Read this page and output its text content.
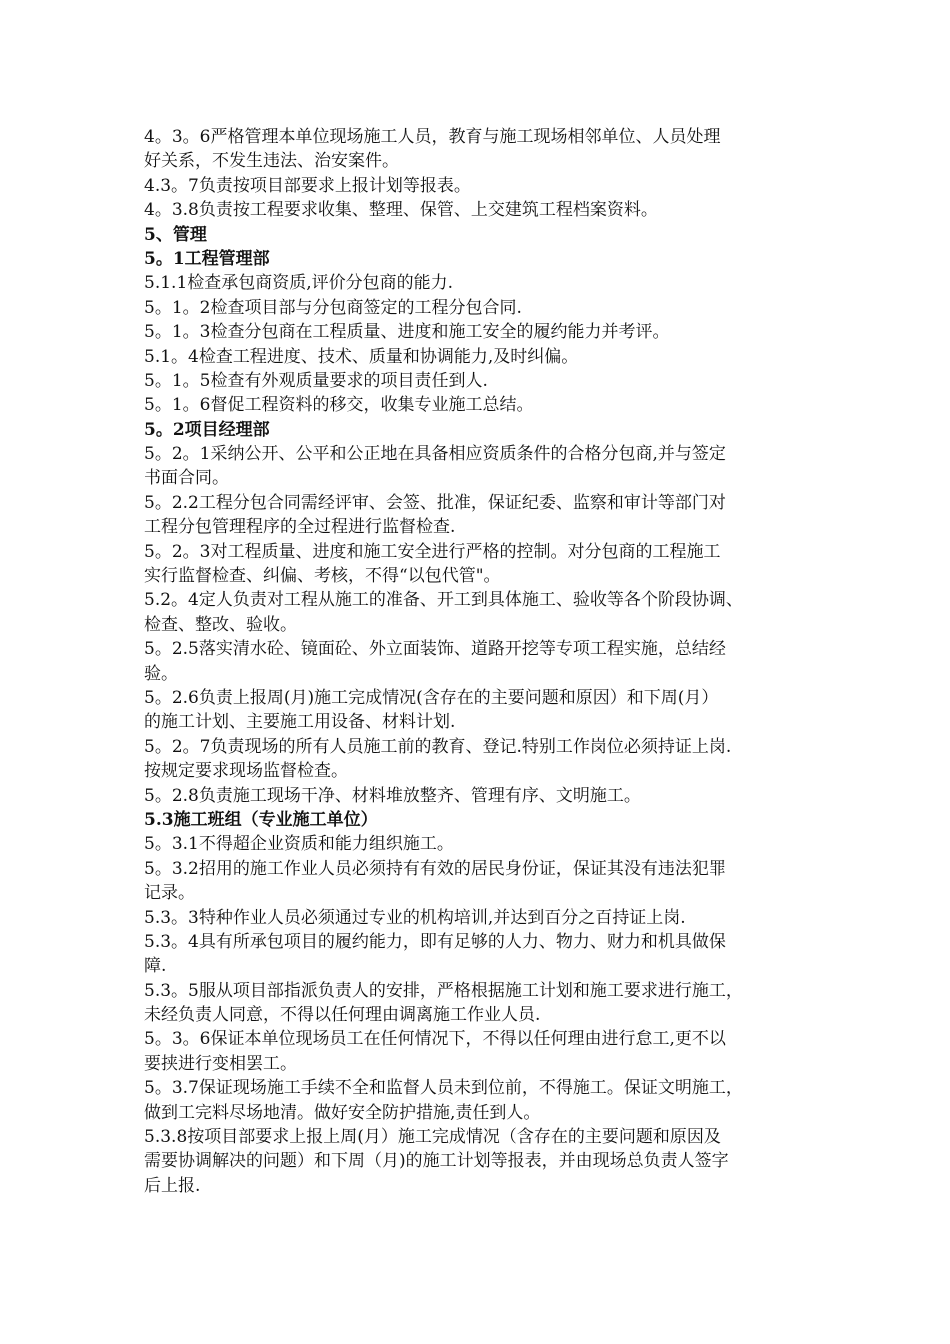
4。3。6严格管理本单位现场施工人员，教育与施工现场相邻单位、人员处理
好关系，不发生违法、治安案件。
4.3。7负责按项目部要求上报计划等报表。
4。3.8负责按工程要求收集、整理、保管、上交建筑工程档案资料。
5、管理
5。1工程管理部
5.1.1检查承包商资质,评价分包商的能力.
5。1。2检查项目部与分包商签定的工程分包合同.
5。1。3检查分包商在工程质量、进度和施工安全的履约能力并考评。
5.1。4检查工程进度、技术、质量和协调能力,及时纠偏。
5。1。5检查有外观质量要求的项目责任到人.
5。1。6督促工程资料的移交，收集专业施工总结。
5。2项目经理部
5。2。1采纳公开、公平和公正地在具备相应资质条件的合格分包商,并与签定
书面合同。
5。2.2工程分包合同需经评审、会签、批准，保证纪委、监察和审计等部门对
工程分包管理程序的全过程进行监督检查.
5。2。3对工程质量、进度和施工安全进行严格的控制。对分包商的工程施工
实行监督检查、纠偏、考核，不得“以包代管"。
5.2。4定人负责对工程从施工的准备、开工到具体施工、验收等各个阶段协调、
检查、整改、验收。
5。2.5落实清水砼、镜面砼、外立面装饰、道路开挖等专项工程实施，总结经
验。
5。2.6负责上报周(月)施工完成情况(含存在的主要问题和原因）和下周(月）
的施工计划、主要施工用设备、材料计划.
5。2。7负责现场的所有人员施工前的教育、登记.特别工作岗位必须持证上岗.
按规定要求现场监督检查。
5。2.8负责施工现场干净、材料堆放整齐、管理有序、文明施工。
5.3施工班组（专业施工单位）
5。3.1不得超企业资质和能力组织施工。
5。3.2招用的施工作业人员必须持有有效的居民身份证，保证其没有违法犯罪
记录。
5.3。3特种作业人员必须通过专业的机构培训,并达到百分之百持证上岗.
5.3。4具有所承包项目的履约能力，即有足够的人力、物力、财力和机具做保
障.
5.3。5服从项目部指派负责人的安排，严格根据施工计划和施工要求进行施工，
未经负责人同意，不得以任何理由调离施工作业人员.
5。3。6保证本单位现场员工在任何情况下，不得以任何理由进行怠工,更不以
要挟进行变相罢工。
5。3.7保证现场施工手续不全和监督人员未到位前，不得施工。保证文明施工，
做到工完料尽场地清。做好安全防护措施,责任到人。
5.3.8按项目部要求上报上周(月）施工完成情况（含存在的主要问题和原因及
需要协调解决的问题）和下周（月)的施工计划等报表，并由现场总负责人签字
后上报.
